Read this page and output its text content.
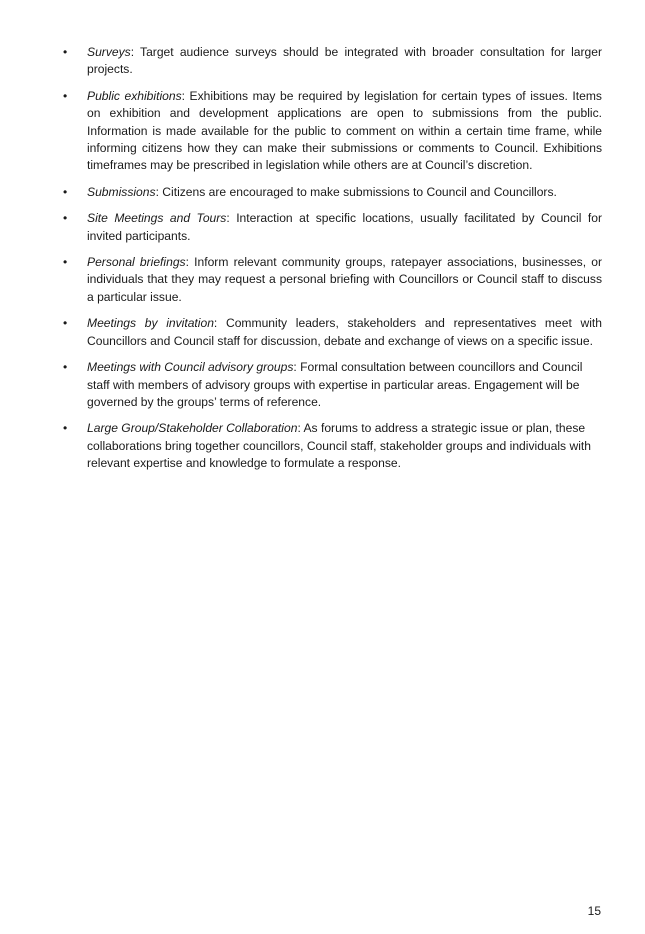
•	Surveys: Target audience surveys should be integrated with broader consultation for larger projects.
•	Public exhibitions: Exhibitions may be required by legislation for certain types of issues. Items on exhibition and development applications are open to submissions from the public. Information is made available for the public to comment on within a certain time frame, while informing citizens how they can make their submissions or comments to Council. Exhibitions timeframes may be prescribed in legislation while others are at Council’s discretion.
•	Submissions: Citizens are encouraged to make submissions to Council and Councillors.
•	Site Meetings and Tours: Interaction at specific locations, usually facilitated by Council for invited participants.
•	Personal briefings: Inform relevant community groups, ratepayer associations, businesses, or individuals that they may request a personal briefing with Councillors or Council staff to discuss a particular issue.
•	Meetings by invitation: Community leaders, stakeholders and representatives meet with Councillors and Council staff for discussion, debate and exchange of views on a specific issue.
•	Meetings with Council advisory groups: Formal consultation between councillors and Council staff with members of advisory groups with expertise in particular areas. Engagement will be governed by the groups’ terms of reference.
•	Large Group/Stakeholder Collaboration: As forums to address a strategic issue or plan, these collaborations bring together councillors, Council staff, stakeholder groups and individuals with relevant expertise and knowledge to formulate a response.
15
